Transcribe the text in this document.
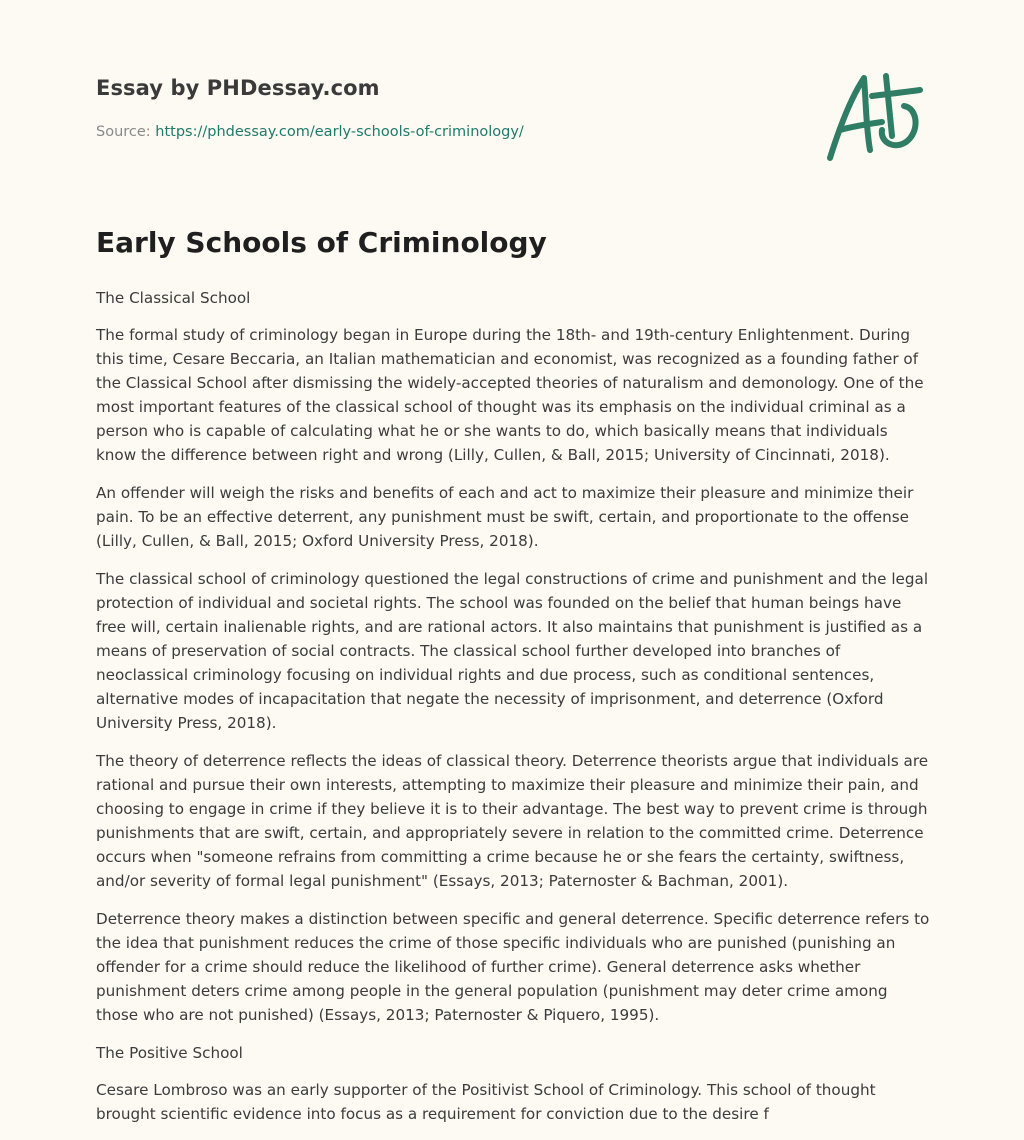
Essay by PHDessay.com
Source: https://phdessay.com/early-schools-of-criminology/
Early Schools of Criminology

The Classical School

The formal study of criminology began in Europe during the 18th- and 19th-century Enlightenment. During this time, Cesare Beccaria, an Italian mathematician and economist, was recognized as a founding father of the Classical School after dismissing the widely-accepted theories of naturalism and demonology. One of the most important features of the classical school of thought was its emphasis on the individual criminal as a person who is capable of calculating what he or she wants to do, which basically means that individuals know the difference between right and wrong (Lilly, Cullen, & Ball, 2015; University of Cincinnati, 2018).

An offender will weigh the risks and benefits of each and act to maximize their pleasure and minimize their pain. To be an effective deterrent, any punishment must be swift, certain, and proportionate to the offense (Lilly, Cullen, & Ball, 2015; Oxford University Press, 2018).

The classical school of criminology questioned the legal constructions of crime and punishment and the legal protection of individual and societal rights. The school was founded on the belief that human beings have free will, certain inalienable rights, and are rational actors. It also maintains that punishment is justified as a means of preservation of social contracts. The classical school further developed into branches of neoclassical criminology focusing on individual rights and due process, such as conditional sentences, alternative modes of incapacitation that negate the necessity of imprisonment, and deterrence (Oxford University Press, 2018).

The theory of deterrence reflects the ideas of classical theory. Deterrence theorists argue that individuals are rational and pursue their own interests, attempting to maximize their pleasure and minimize their pain, and choosing to engage in crime if they believe it is to their advantage. The best way to prevent crime is through punishments that are swift, certain, and appropriately severe in relation to the committed crime. Deterrence occurs when "someone refrains from committing a crime because he or she fears the certainty, swiftness, and/or severity of formal legal punishment" (Essays, 2013; Paternoster & Bachman, 2001).

Deterrence theory makes a distinction between specific and general deterrence. Specific deterrence refers to the idea that punishment reduces the crime of those specific individuals who are punished (punishing an offender for a crime should reduce the likelihood of further crime). General deterrence asks whether punishment deters crime among people in the general population (punishment may deter crime among those who are not punished) (Essays, 2013; Paternoster & Piquero, 1995).

The Positive School

Cesare Lombroso was an early supporter of the Positivist School of Criminology. This school of thought brought scientific evidence into focus as a requirement for conviction due to the desire f
